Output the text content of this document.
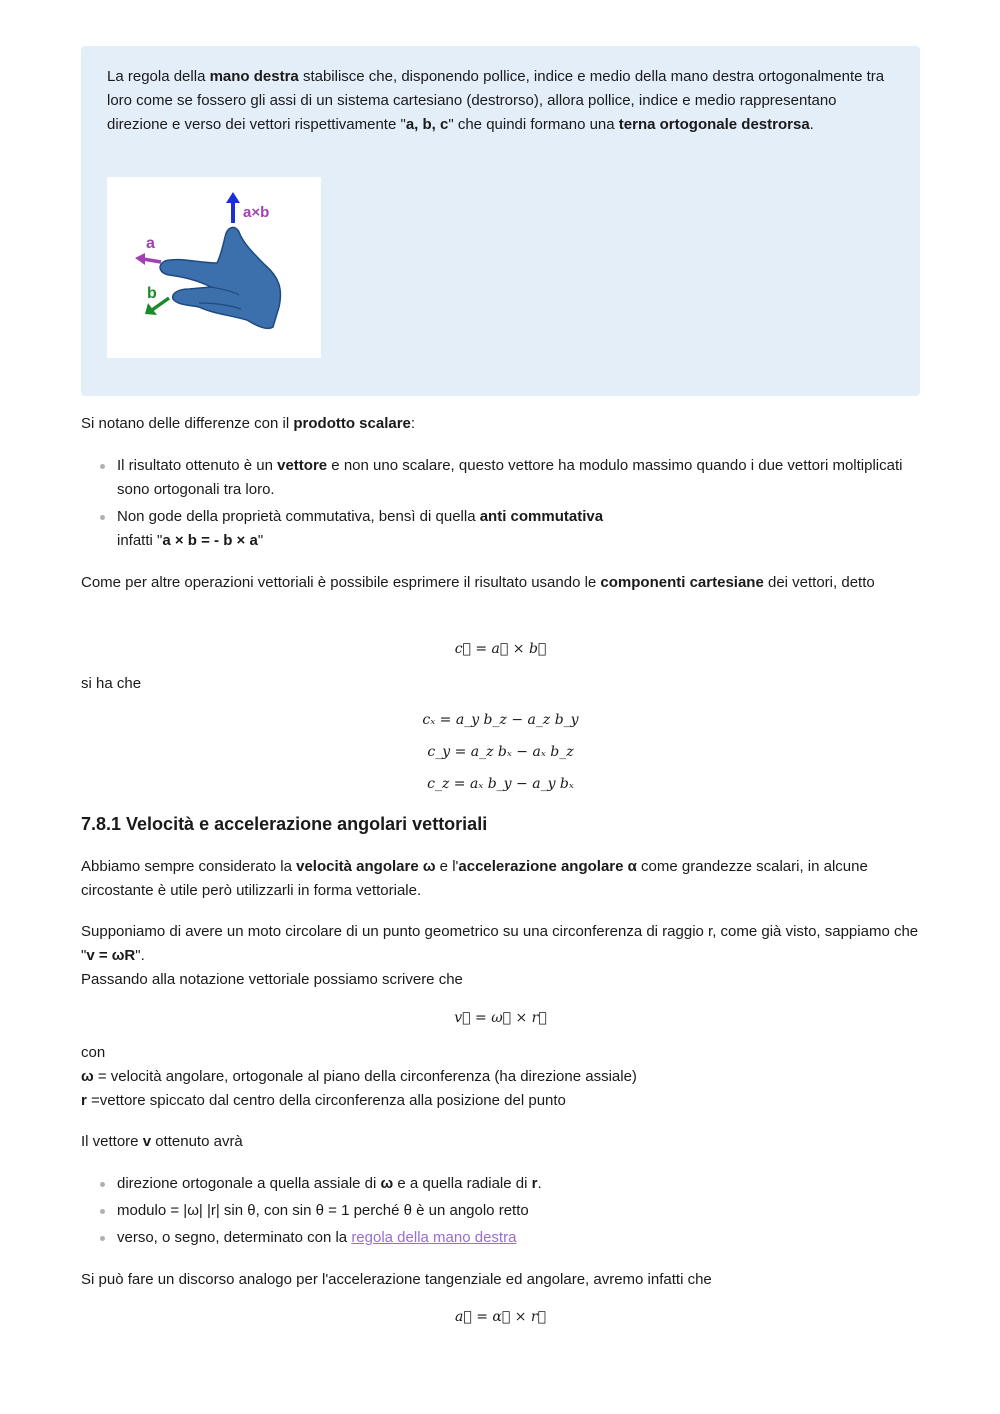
La regola della mano destra stabilisce che, disponendo pollice, indice e medio della mano destra ortogonalmente tra loro come se fossero gli assi di un sistema cartesiano (destrorso), allora pollice, indice e medio rappresentano direzione e verso dei vettori rispettivamente "a, b, c" che quindi formano una terna ortogonale destrorsa.

a×b
a
b
Si notano delle differenze con il prodotto scalare:
Il risultato ottenuto è un vettore e non uno scalare, questo vettore ha modulo massimo quando i due vettori moltiplicati sono ortogonali tra loro.
Non gode della proprietà commutativa, bensì di quella anti commutativa
infatti "a × b = - b × a"
Come per altre operazioni vettoriali è possibile esprimere il risultato usando le componenti cartesiane dei vettori, detto
c⃗ = a⃗ × b⃗
si ha che
cₓ = a_y b_z − a_z b_y
c_y = a_z bₓ − aₓ b_z
c_z = aₓ b_y − a_y bₓ
7.8.1 Velocità e accelerazione angolari vettoriali
Abbiamo sempre considerato la velocità angolare ω e l'accelerazione angolare α come grandezze scalari, in alcune circostante è utile però utilizzarli in forma vettoriale.
Supponiamo di avere un moto circolare di un punto geometrico su una circonferenza di raggio r, come già visto, sappiamo che "v = ωR".
Passando alla notazione vettoriale possiamo scrivere che
v⃗ = ω⃗ × r⃗
con
ω = velocità angolare, ortogonale al piano della circonferenza (ha direzione assiale)
r =vettore spiccato dal centro della circonferenza alla posizione del punto
Il vettore v ottenuto avrà
direzione ortogonale a quella assiale di ω e a quella radiale di r.
modulo = |ω| |r| sin θ, con sin θ = 1 perché θ è un angolo retto
verso, o segno, determinato con la regola della mano destra
Si può fare un discorso analogo per l'accelerazione tangenziale ed angolare, avremo infatti che
a⃗ = α⃗ × r⃗
